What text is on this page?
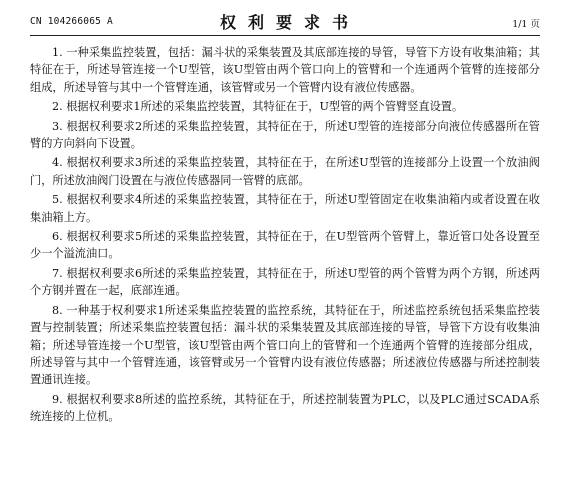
CN 104266065 A	权利要求书	1/1 页

1. 一种采集监控装置，包括：漏斗状的采集装置及其底部连接的导管，导管下方设有收集油箱；其特征在于，所述导管连接一个U型管，该U型管由两个管口向上的管臂和一个连通两个管臂的连接部分组成，所述导管与其中一个管臂连通，该管臂或另一个管臂内设有液位传感器。

2. 根据权利要求1所述的采集监控装置，其特征在于，U型管的两个管臂竖直设置。

3. 根据权利要求2所述的采集监控装置，其特征在于，所述U型管的连接部分向液位传感器所在管臂的方向斜向下设置。

4. 根据权利要求3所述的采集监控装置，其特征在于，在所述U型管的连接部分上设置一个放油阀门，所述放油阀门设置在与液位传感器同一管臂的底部。

5. 根据权利要求4所述的采集监控装置，其特征在于，所述U型管固定在收集油箱内或者设置在收集油箱上方。

6. 根据权利要求5所述的采集监控装置，其特征在于，在U型管两个管臂上，靠近管口处各设置至少一个溢流油口。

7. 根据权利要求6所述的采集监控装置，其特征在于，所述U型管的两个管臂为两个方钢，所述两个方钢并置在一起，底部连通。

8. 一种基于权利要求1所述采集监控装置的监控系统，其特征在于，所述监控系统包括采集监控装置与控制装置；所述采集监控装置包括：漏斗状的采集装置及其底部连接的导管，导管下方设有收集油箱；所述导管连接一个U型管，该U型管由两个管口向上的管臂和一个连通两个管臂的连接部分组成，所述导管与其中一个管臂连通，该管臂或另一个管臂内设有液位传感器；所述液位传感器与所述控制装置通讯连接。

9. 根据权利要求8所述的监控系统，其特征在于，所述控制装置为PLC，以及PLC通过SCADA系统连接的上位机。
